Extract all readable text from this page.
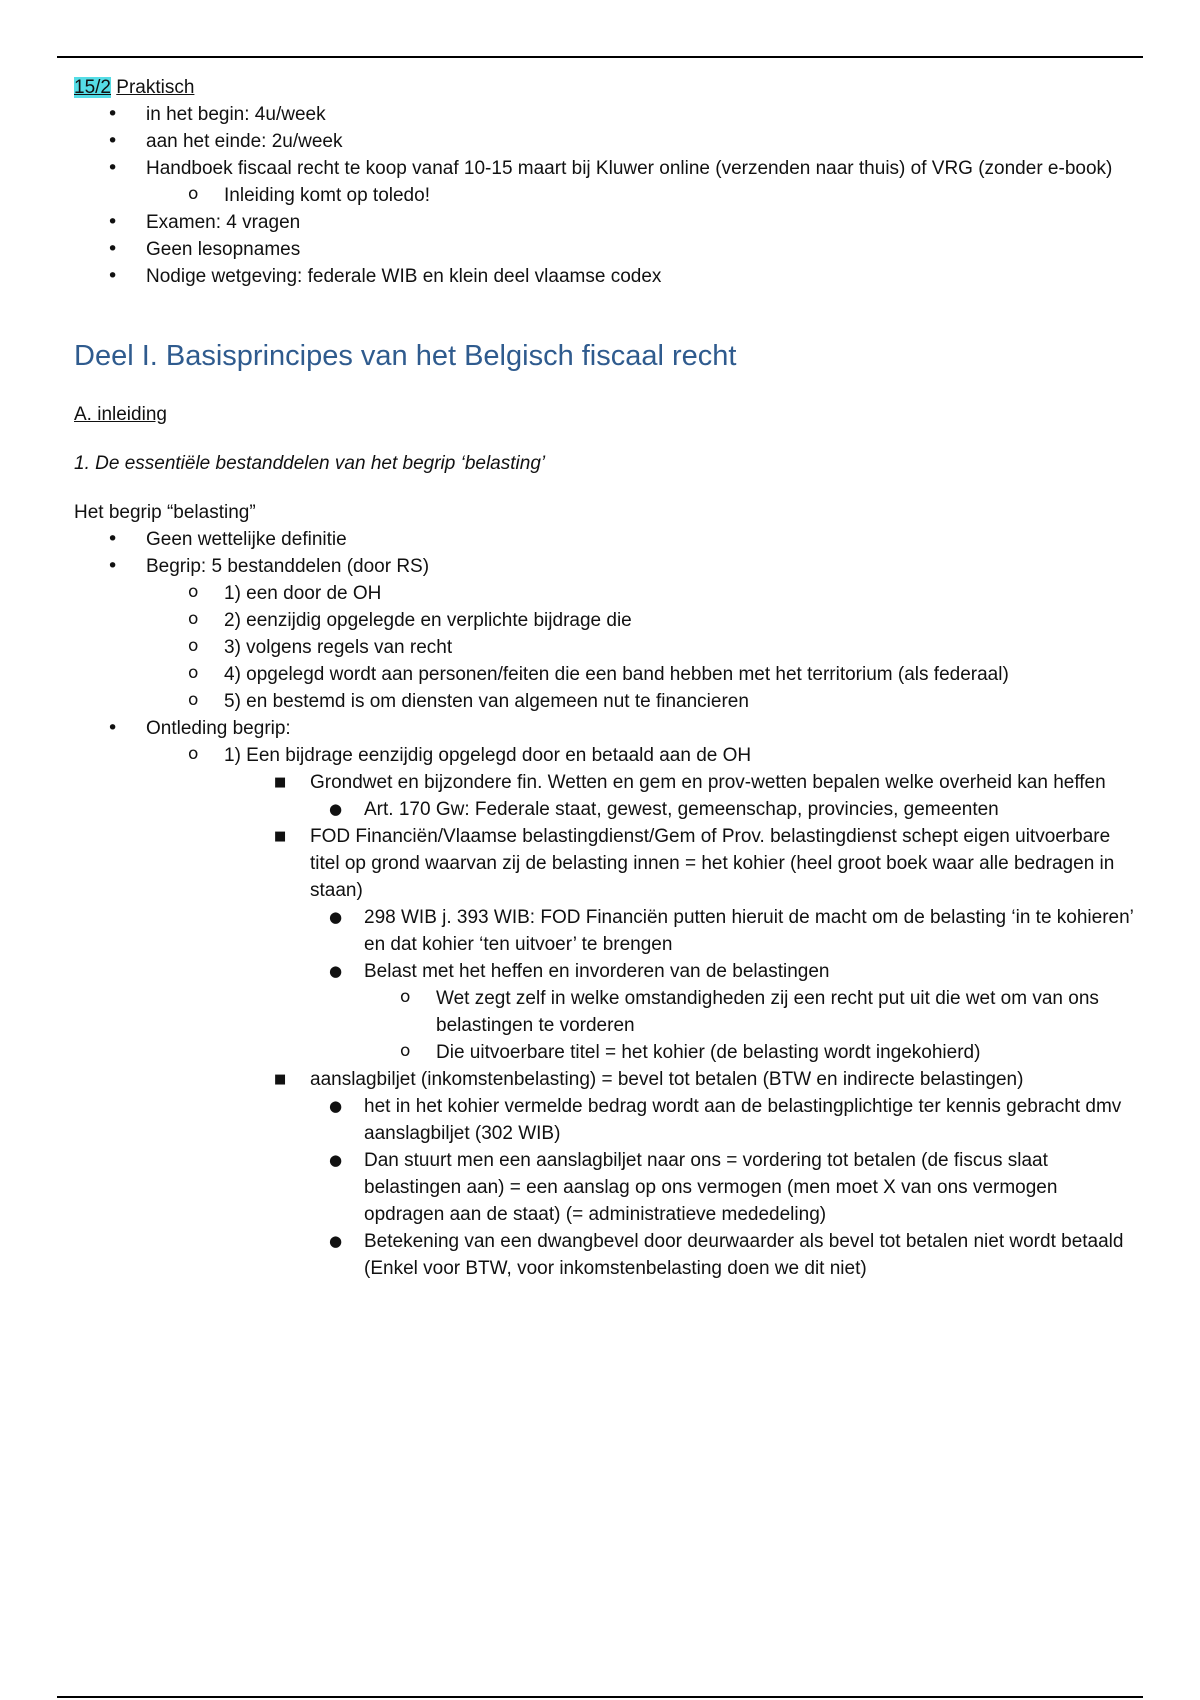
15/2 Praktisch
• in het begin: 4u/week
• aan het einde: 2u/week
• Handboek fiscaal recht te koop vanaf 10-15 maart bij Kluwer online (verzenden naar thuis) of VRG (zonder e-book)
o Inleiding komt op toledo!
• Examen: 4 vragen
• Geen lesopnames
• Nodige wetgeving: federale WIB en klein deel vlaamse codex
Deel I. Basisprincipes van het Belgisch fiscaal recht
A. inleiding
1. De essentiële bestanddelen van het begrip ‘belasting’
Het begrip “belasting”
• Geen wettelijke definitie
• Begrip: 5 bestanddelen (door RS)
o 1) een door de OH
o 2) eenzijdig opgelegde en verplichte bijdrage die
o 3) volgens regels van recht
o 4) opgelegd wordt aan personen/feiten die een band hebben met het territorium (als federaal)
o 5) en bestemd is om diensten van algemeen nut te financieren
• Ontleding begrip:
o 1) Een bijdrage eenzijdig opgelegd door en betaald aan de OH
■ Grondwet en bijzondere fin. Wetten en gem en prov-wetten bepalen welke overheid kan heffen
● Art. 170 Gw: Federale staat, gewest, gemeenschap, provincies, gemeenten
■ FOD Financiën/Vlaamse belastingdienst/Gem of Prov. belastingdienst schept eigen uitvoerbare titel op grond waarvan zij de belasting innen = het kohier (heel groot boek waar alle bedragen in staan)
● 298 WIB j. 393 WIB: FOD Financiën putten hieruit de macht om de belasting ‘in te kohieren’ en dat kohier ‘ten uitvoer’ te brengen
● Belast met het heffen en invorderen van de belastingen
o Wet zegt zelf in welke omstandigheden zij een recht put uit die wet om van ons belastingen te vorderen
o Die uitvoerbare titel = het kohier (de belasting wordt ingekohierd)
■ aanslagbiljet (inkomstenbelasting) = bevel tot betalen (BTW en indirecte belastingen)
● het in het kohier vermelde bedrag wordt aan de belastingplichtige ter kennis gebracht dmv aanslagbiljet (302 WIB)
● Dan stuurt men een aanslagbiljet naar ons = vordering tot betalen (de fiscus slaat belastingen aan) = een aanslag op ons vermogen (men moet X van ons vermogen opdragen aan de staat) (= administratieve mededeling)
● Betekening van een dwangbevel door deurwaarder als bevel tot betalen niet wordt betaald (Enkel voor BTW, voor inkomstenbelasting doen we dit niet)
